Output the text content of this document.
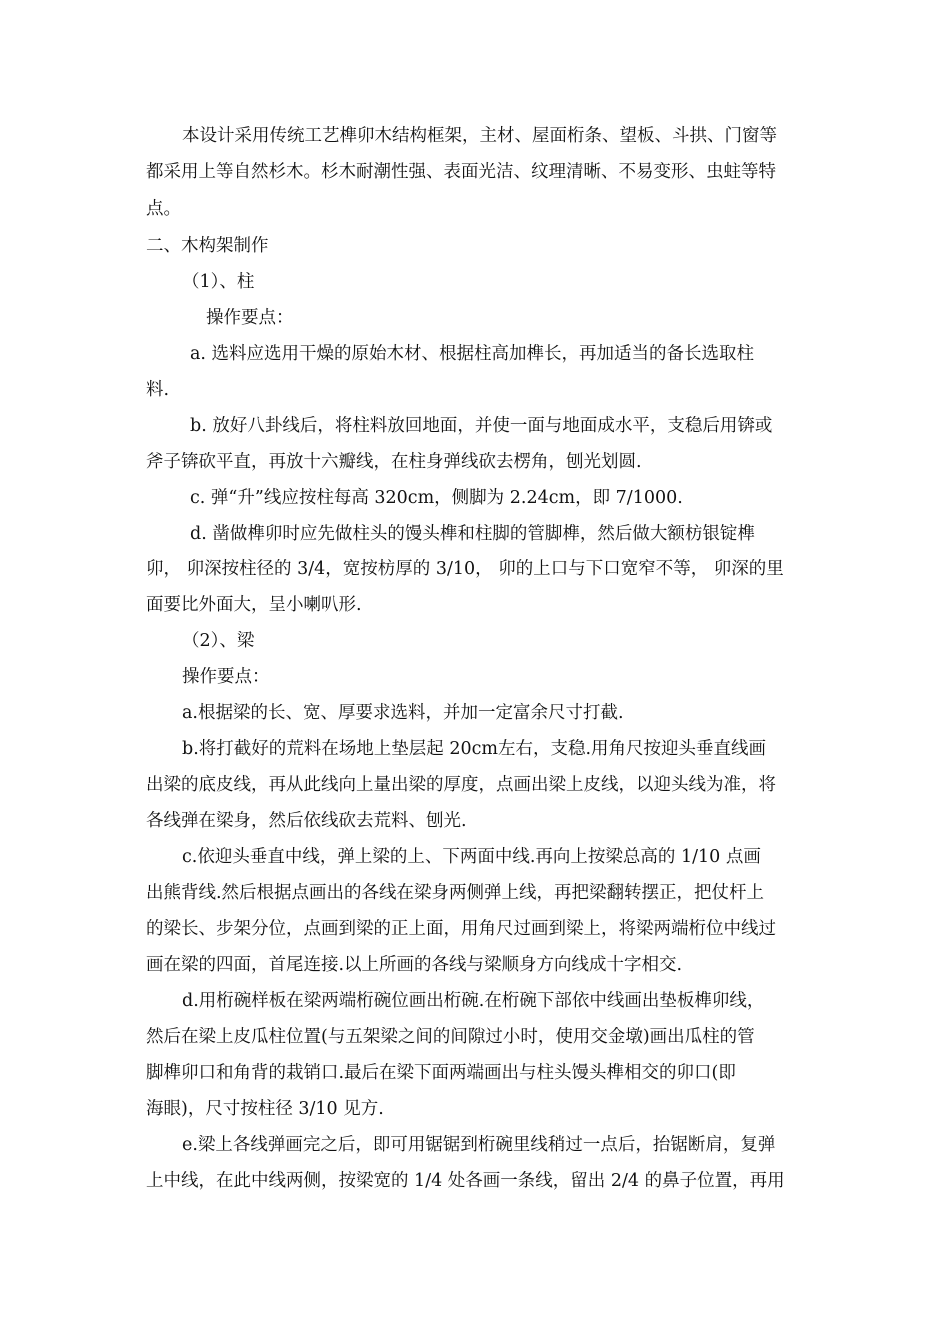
本设计采用传统工艺榫卯木结构框架，主材、屋面桁条、望板、斗拱、门窗等
都采用上等自然杉木。杉木耐潮性强、表面光洁、纹理清晰、不易变形、虫蛀等特
点。
二、木构架制作
（1）、柱
操作要点：
a. 选料应选用干燥的原始木材、根据柱高加榫长，再加适当的备长选取柱
料.
b. 放好八卦线后，将柱料放回地面，并使一面与地面成水平，支稳后用锛或
斧子锛砍平直，再放十六瓣线，在柱身弹线砍去楞角，刨光划圆.
c. 弹“升”线应按柱每高 320cm，侧脚为 2.24cm，即 7/1000.
d. 凿做榫卯时应先做柱头的馒头榫和柱脚的管脚榫，然后做大额枋银锭榫
卯， 卯深按柱径的 3/4，宽按枋厚的 3/10， 卯的上口与下口宽窄不等， 卯深的里
面要比外面大，呈小喇叭形.
（2）、梁
操作要点：
a.根据梁的长、宽、厚要求选料，并加一定富余尺寸打截.
b.将打截好的荒料在场地上垫层起 20cm左右，支稳.用角尺按迎头垂直线画
出梁的底皮线，再从此线向上量出梁的厚度，点画出梁上皮线，以迎头线为准，将
各线弹在梁身，然后依线砍去荒料、刨光.
c.依迎头垂直中线，弹上梁的上、下两面中线.再向上按梁总高的 1/10 点画
出熊背线.然后根据点画出的各线在梁身两侧弹上线，再把梁翻转摆正，把仗杆上
的梁长、步架分位，点画到梁的正上面，用角尺过画到梁上，将梁两端桁位中线过
画在梁的四面，首尾连接.以上所画的各线与梁顺身方向线成十字相交.
d.用桁碗样板在梁两端桁碗位画出桁碗.在桁碗下部依中线画出垫板榫卯线，
然后在梁上皮瓜柱位置(与五架梁之间的间隙过小时，使用交金墩)画出瓜柱的管
脚榫卯口和角背的栽销口.最后在梁下面两端画出与柱头馒头榫相交的卯口(即
海眼)，尺寸按柱径 3/10 见方.
e.梁上各线弹画完之后，即可用锯锯到桁碗里线稍过一点后，抬锯断肩，复弹
上中线，在此中线两侧，按梁宽的 1/4 处各画一条线，留出 2/4 的鼻子位置，再用
